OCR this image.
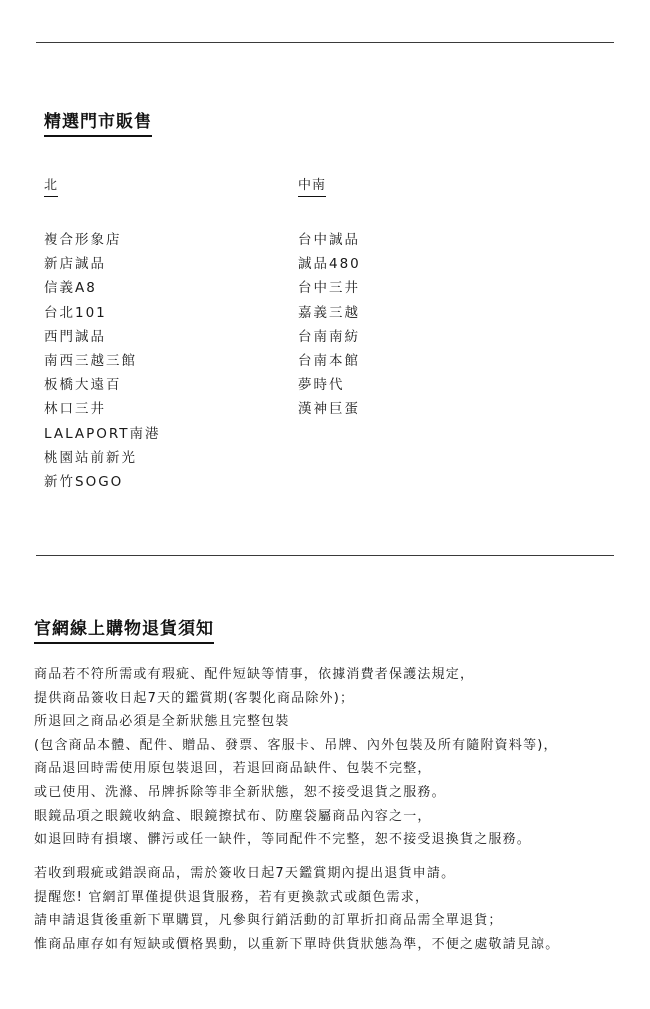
精選門市販售
北	中南
複合形象店
新店誠品
信義A8
台北101
西門誠品
南西三越三館
板橋大遠百
林口三井
LALAPORT南港
桃園站前新光
新竹SOGO
台中誠品
誠品480
台中三井
嘉義三越
台南南紡
台南本館
夢時代
漢神巨蛋
官網線上購物退貨須知

商品若不符所需或有瑕疵、配件短缺等情事，依據消費者保護法規定，

提供商品簽收日起7天的鑑賞期(客製化商品除外)；

所退回之商品必須是全新狀態且完整包裝

(包含商品本體、配件、贈品、發票、客服卡、吊牌、內外包裝及所有隨附資料等)，

商品退回時需使用原包裝退回，若退回商品缺件、包裝不完整，

或已使用、洗滌、吊牌拆除等非全新狀態，恕不接受退貨之服務。

眼鏡品項之眼鏡收納盒、眼鏡擦拭布、防塵袋屬商品內容之一，

如退回時有損壞、髒污或任一缺件，等同配件不完整，恕不接受退換貨之服務。

若收到瑕疵或錯誤商品，需於簽收日起7天鑑賞期內提出退貨申請。

提醒您! 官網訂單僅提供退貨服務，若有更換款式或顏色需求，

請申請退貨後重新下單購買，凡參與行銷活動的訂單折扣商品需全單退貨；

惟商品庫存如有短缺或價格異動，以重新下單時供貨狀態為準，不便之處敬請見諒。
